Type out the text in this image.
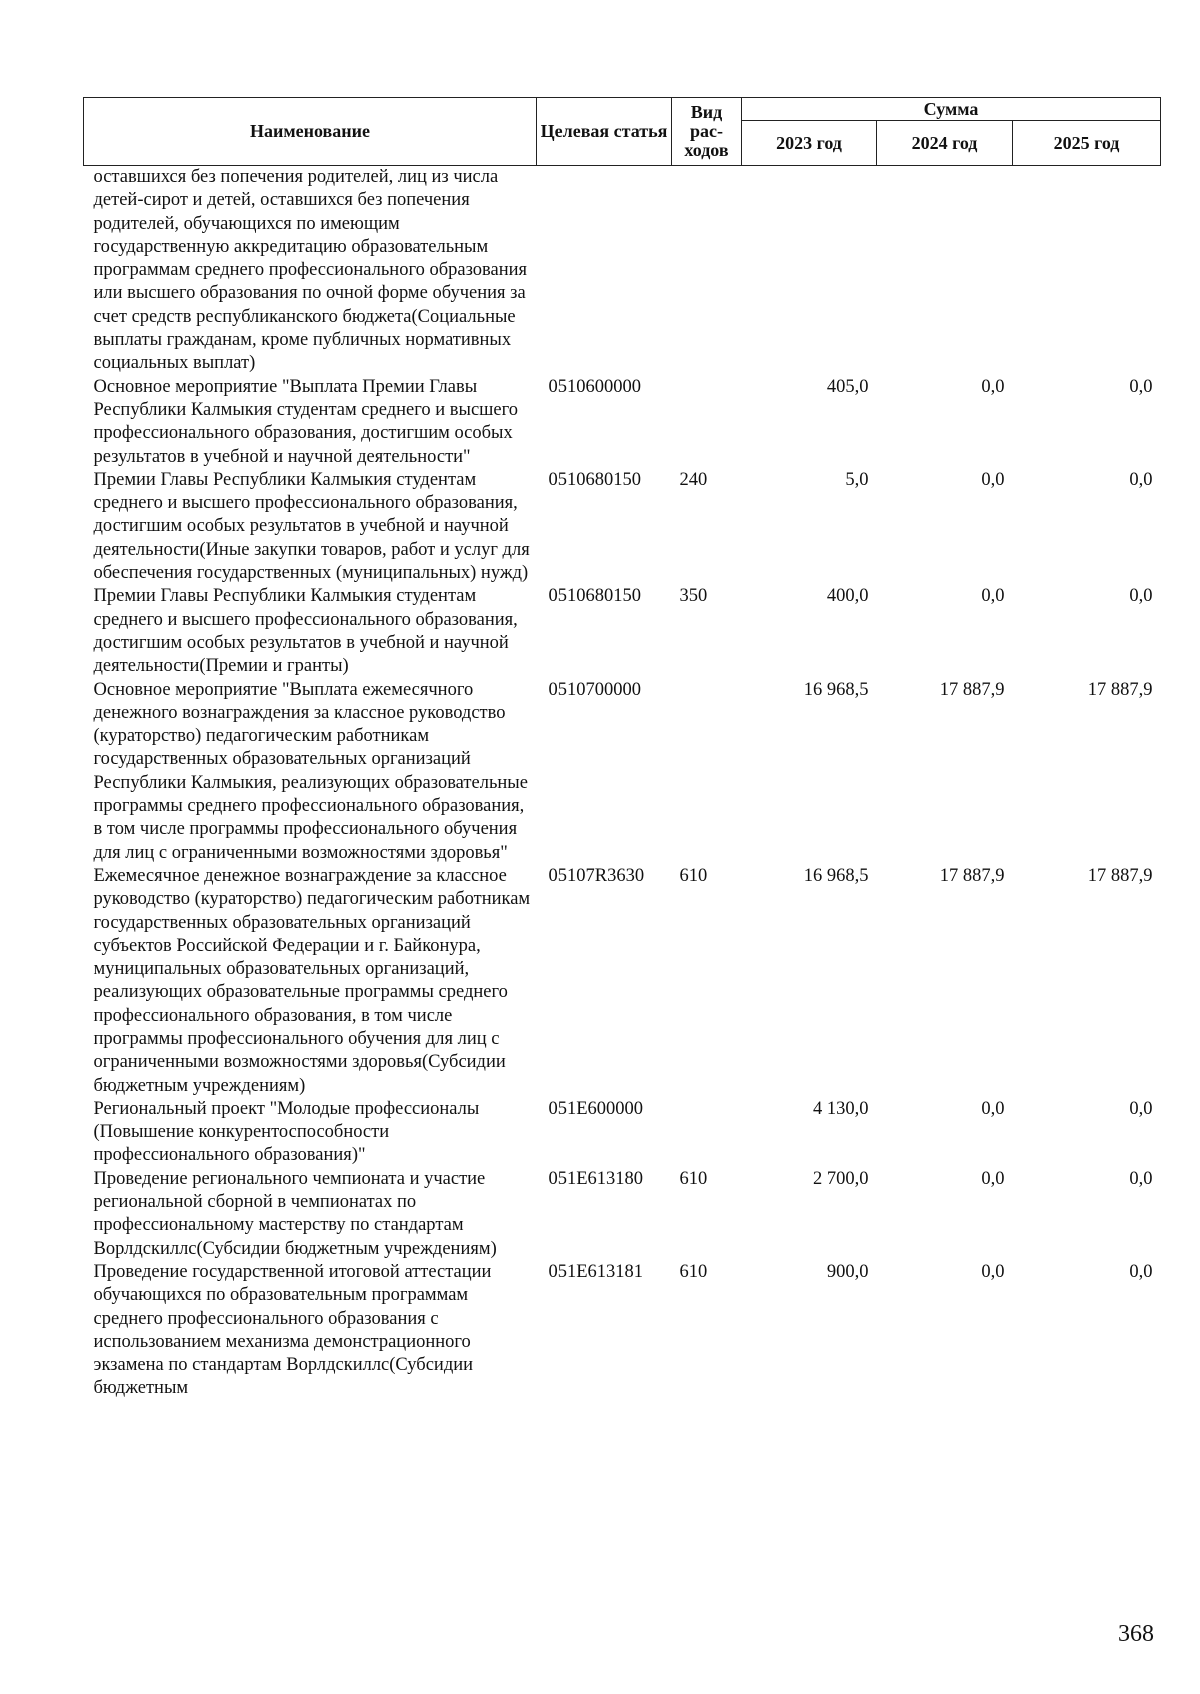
Наименование	Целевая статья	Вид рас-ходов	Сумма		
			2023 год	2024 год	2025 год
оставшихся без попечения родителей, лиц из числа детей-сирот и детей, оставшихся без попечения родителей, обучающихся по имеющим государственную аккредитацию образовательным программам среднего профессионального образования или высшего образования по очной форме обучения за счет средств республиканского бюджета(Социальные выплаты гражданам, кроме публичных нормативных социальных выплат)					
Основное мероприятие "Выплата Премии Главы Республики Калмыкия студентам среднего и высшего профессионального образования, достигшим особых результатов в учебной и научной деятельности"	0510600000		405,0	0,0	0,0
Премии Главы Республики Калмыкия студентам среднего и высшего профессионального образования, достигшим особых результатов в учебной и научной деятельности(Иные закупки товаров, работ и услуг для обеспечения государственных (муниципальных) нужд)	0510680150	240	5,0	0,0	0,0
Премии Главы Республики Калмыкия студентам среднего и высшего профессионального образования, достигшим особых результатов в учебной и научной деятельности(Премии и гранты)	0510680150	350	400,0	0,0	0,0
Основное мероприятие "Выплата ежемесячного денежного вознаграждения за классное руководство (кураторство) педагогическим работникам государственных образовательных организаций Республики Калмыкия, реализующих образовательные программы среднего профессионального образования, в том числе программы профессионального обучения для лиц с ограниченными возможностями здоровья"	0510700000		16 968,5	17 887,9	17 887,9
Ежемесячное денежное вознаграждение за классное руководство (кураторство) педагогическим работникам государственных образовательных организаций субъектов Российской Федерации и г. Байконура, муниципальных образовательных организаций, реализующих образовательные программы среднего профессионального образования, в том числе программы профессионального обучения для лиц с ограниченными возможностями здоровья(Субсидии бюджетным учреждениям)	05107R3630	610	16 968,5	17 887,9	17 887,9
Региональный проект "Молодые профессионалы (Повышение конкурентоспособности профессионального образования)"	051E600000		4 130,0	0,0	0,0
Проведение регионального чемпионата и участие региональной сборной в чемпионатах по профессиональному мастерству по стандартам Ворлдскиллс(Субсидии бюджетным учреждениям)	051E613180	610	2 700,0	0,0	0,0
Проведение государственной итоговой аттестации обучающихся по образовательным программам среднего профессионального образования с использованием механизма демонстрационного экзамена по стандартам Ворлдскиллс(Субсидии бюджетным	051E613181	610	900,0	0,0	0,0
368
